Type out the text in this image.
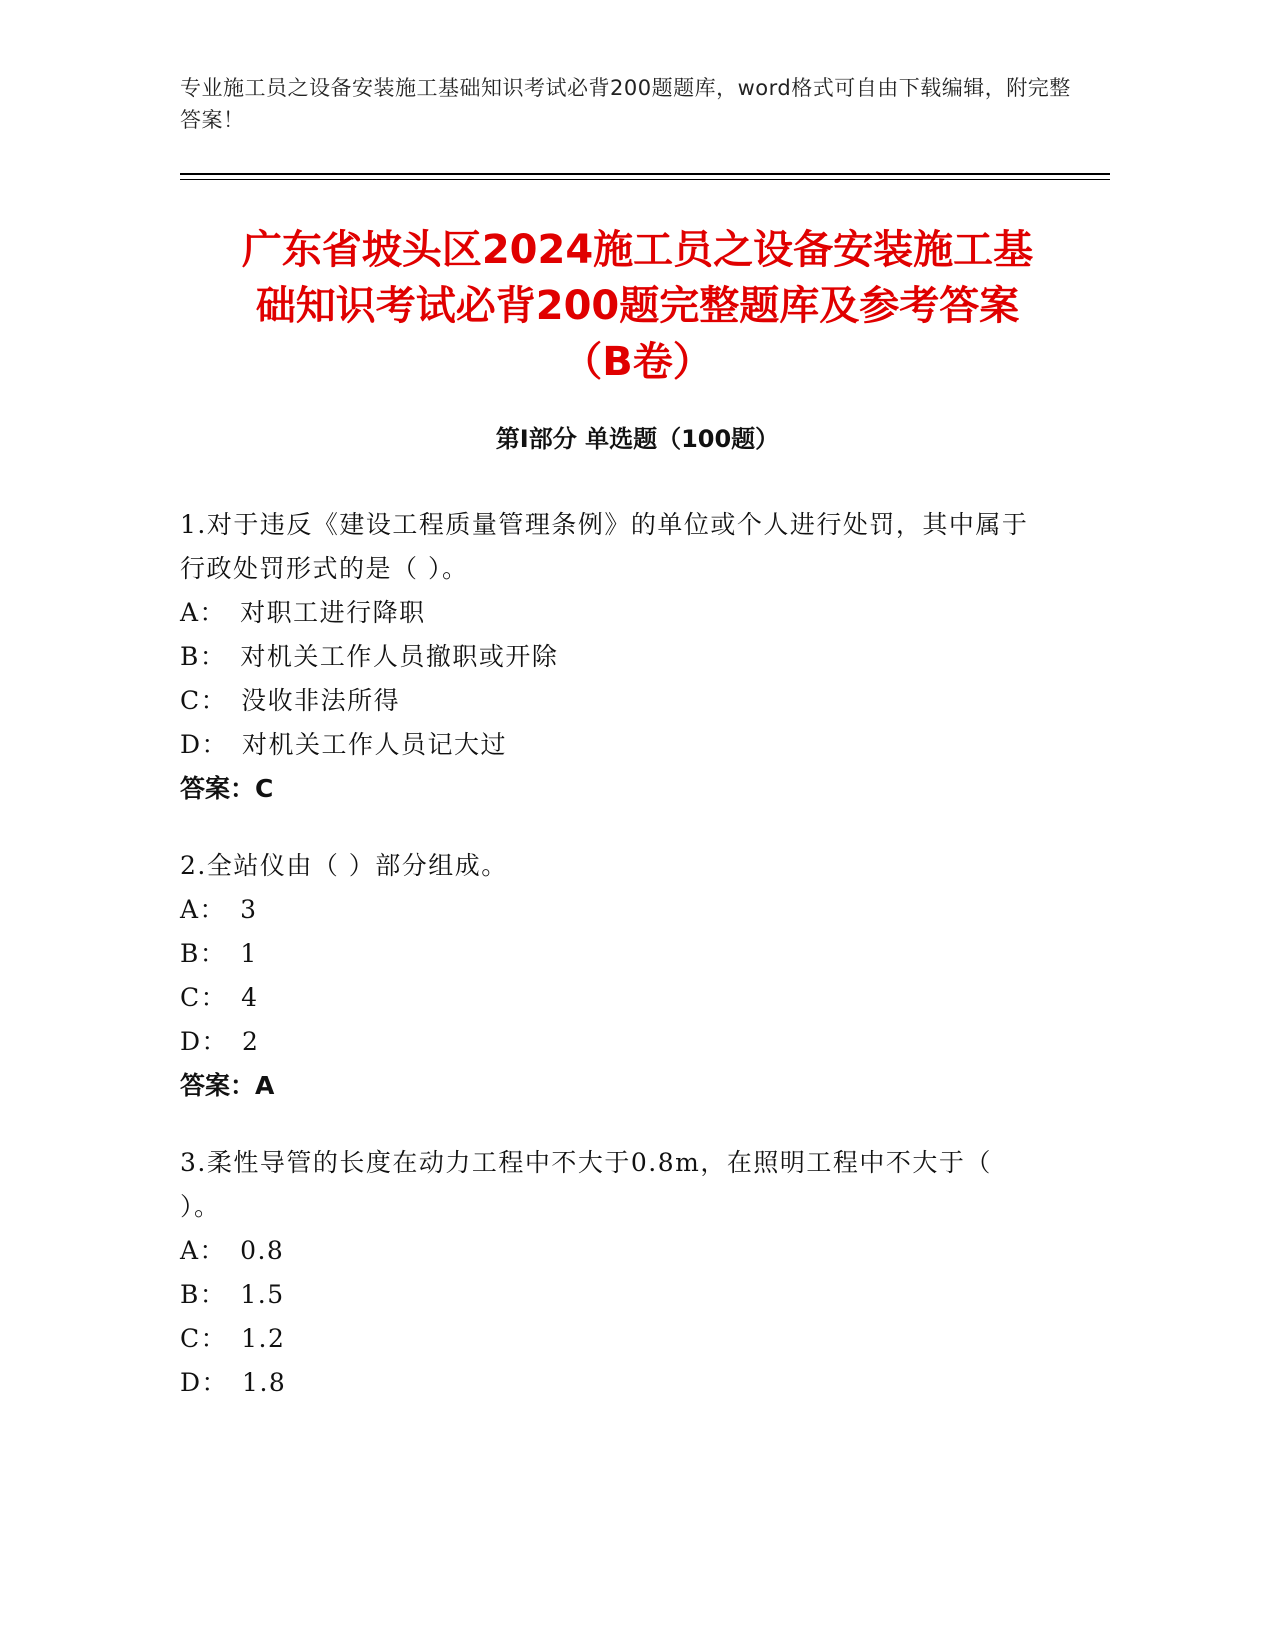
专业施工员之设备安装施工基础知识考试必背200题题库，word格式可自由下载编辑，附完整答案！
广东省坡头区2024施工员之设备安装施工基
础知识考试必背200题完整题库及参考答案
（B卷）
第Ⅰ部分 单选题（100题）
1.对于违反《建设工程质量管理条例》的单位或个人进行处罚，其中属于行政处罚形式的是（ ）。
A： 对职工进行降职
B： 对机关工作人员撤职或开除
C： 没收非法所得
D： 对机关工作人员记大过
答案：C
2.全站仪由（ ）部分组成。
A： 3
B： 1
C： 4
D： 2
答案：A
3.柔性导管的长度在动力工程中不大于0.8m，在照明工程中不大于（ ）。
A： 0.8
B： 1.5
C： 1.2
D： 1.8
